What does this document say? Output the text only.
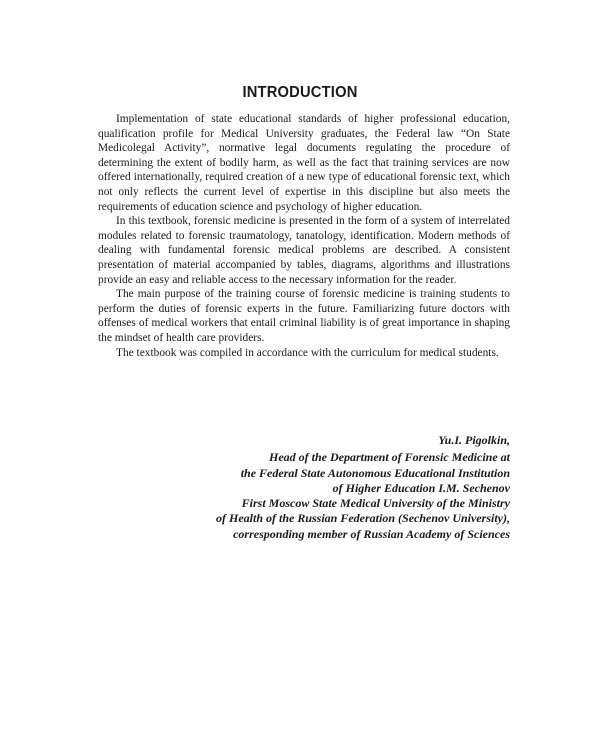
INTRODUCTION

Implementation of state educational standards of higher professional education, qualification profile for Medical University graduates, the Federal law “On State Medicolegal Activity”, normative legal documents regulating the procedure of determining the extent of bodily harm, as well as the fact that training services are now offered internationally, required creation of a new type of educational forensic text, which not only reflects the current level of expertise in this discipline but also meets the requirements of education science and psychology of higher education.

In this textbook, forensic medicine is presented in the form of a system of interrelated modules related to forensic traumatology, tanatology, identification. Modern methods of dealing with fundamental forensic medical problems are described. A consistent presentation of material accompanied by tables, diagrams, algorithms and illustrations provide an easy and reliable access to the necessary information for the reader.

The main purpose of the training course of forensic medicine is training students to perform the duties of forensic experts in the future. Familiarizing future doctors with offenses of medical workers that entail criminal liability is of great importance in shaping the mindset of health care providers.

The textbook was compiled in accordance with the curriculum for medical students.

Yu.I. Pigolkin,
Head of the Department of Forensic Medicine at
the Federal State Autonomous Educational Institution
of Higher Education I.M. Sechenov
First Moscow State Medical University of the Ministry
of Health of the Russian Federation (Sechenov University),
corresponding member of Russian Academy of Sciences
